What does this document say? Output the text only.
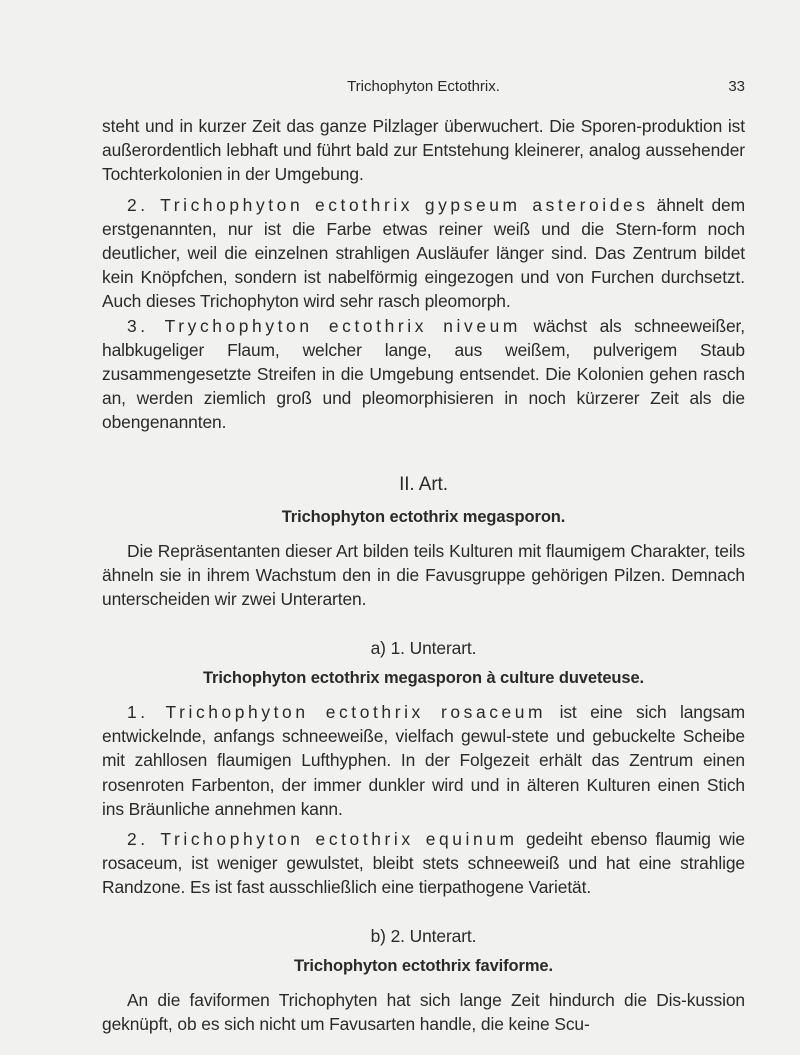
Trichophyton Ectothrix.	33

steht und in kurzer Zeit das ganze Pilzlager überwuchert. Die Sporen-produktion ist außerordentlich lebhaft und führt bald zur Entstehung kleinerer, analog aussehender Tochterkolonien in der Umgebung.

2. Trichophyton ectothrix gypseum asteroides ähnelt dem erstgenannten, nur ist die Farbe etwas reiner weiß und die Stern-form noch deutlicher, weil die einzelnen strahligen Ausläufer länger sind. Das Zentrum bildet kein Knöpfchen, sondern ist nabelförmig eingezogen und von Furchen durchsetzt. Auch dieses Trichophyton wird sehr rasch pleomorph.

3. Trychophyton ectothrix niveum wächst als schneeweißer, halbkugeliger Flaum, welcher lange, aus weißem, pulverigem Staub zusammengesetzte Streifen in die Umgebung entsendet. Die Kolonien gehen rasch an, werden ziemlich groß und pleomorphisieren in noch kürzerer Zeit als die obengenannten.

II. Art.
Trichophyton ectothrix megasporon.

Die Repräsentanten dieser Art bilden teils Kulturen mit flaumigem Charakter, teils ähneln sie in ihrem Wachstum den in die Favusgruppe gehörigen Pilzen. Demnach unterscheiden wir zwei Unterarten.

a) 1. Unterart.
Trichophyton ectothrix megasporon à culture duveteuse.

1. Trichophyton ectothrix rosaceum ist eine sich langsam entwickelnde, anfangs schneeweiße, vielfach gewul-stete und gebuckelte Scheibe mit zahllosen flaumigen Lufthyphen. In der Folgezeit erhält das Zentrum einen rosenroten Farbenton, der immer dunkler wird und in älteren Kulturen einen Stich ins Bräunliche annehmen kann.

2. Trichophyton ectothrix equinum gedeiht ebenso flaumig wie rosaceum, ist weniger gewulstet, bleibt stets schneeweiß und hat eine strahlige Randzone. Es ist fast ausschließlich eine tierpathogene Varietät.

b) 2. Unterart.
Trichophyton ectothrix faviforme.

An die faviformen Trichophyten hat sich lange Zeit hindurch die Dis-kussion geknüpft, ob es sich nicht um Favusarten handle, die keine Scu-
